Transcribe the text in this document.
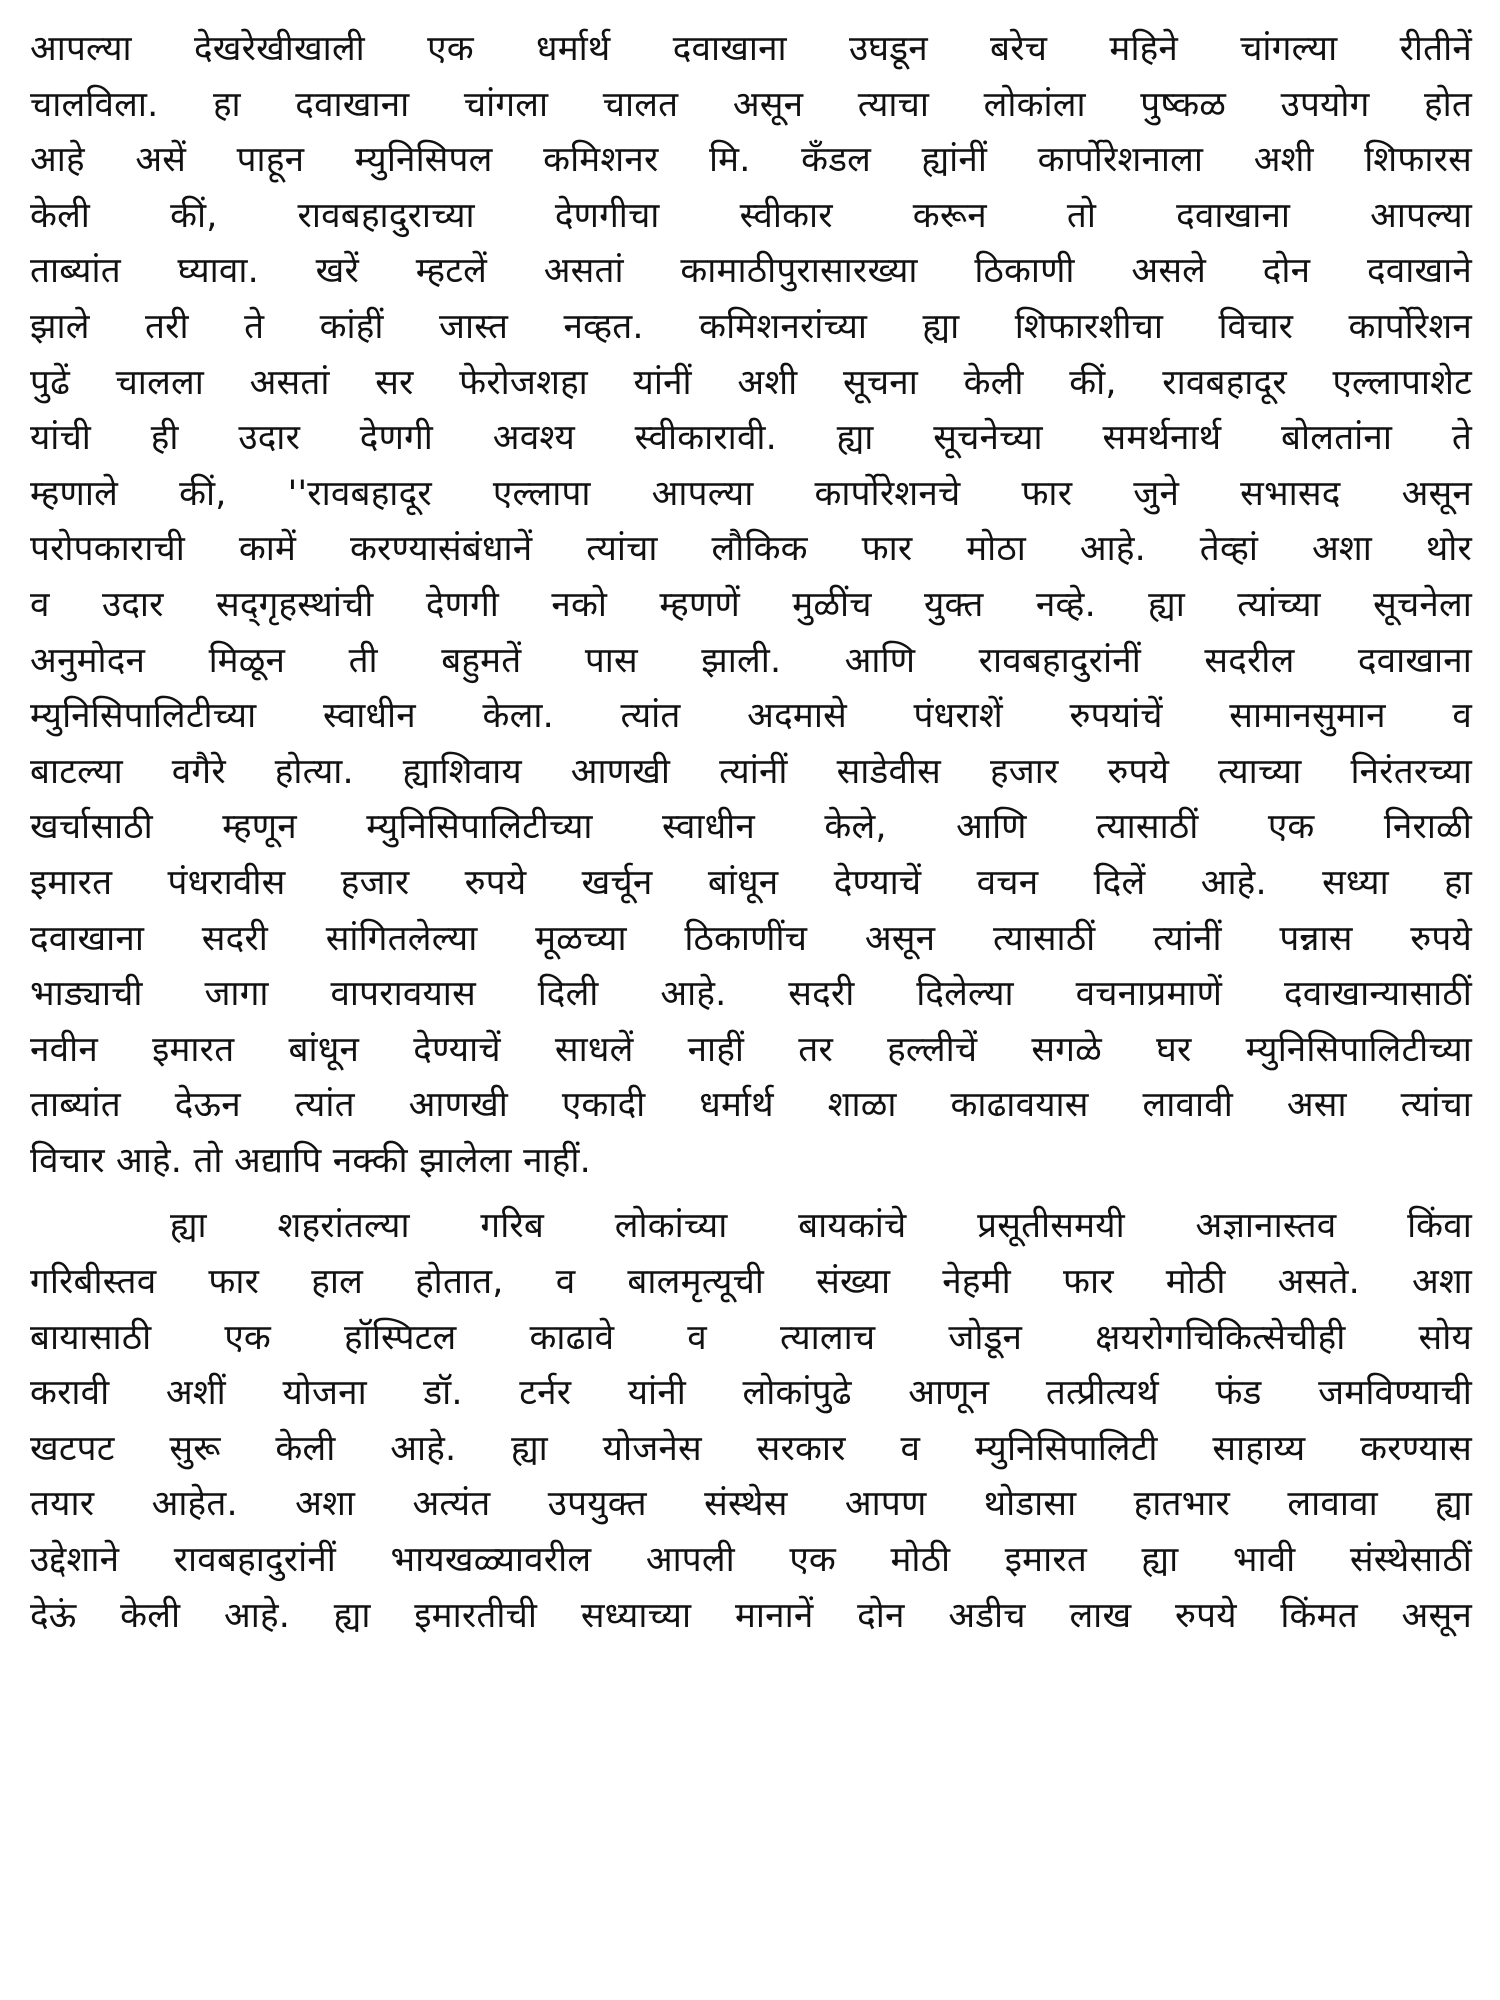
आपल्या देखरेखीखाली एक धर्मार्थ दवाखाना उघडून बरेच महिने चांगल्या रीतीनें
चालविला. हा दवाखाना चांगला चालत असून त्याचा लोकांला पुष्कळ उपयोग होत
आहे असें पाहून म्युनिसिपल कमिशनर मि. कॅंडल ह्यांनीं कार्पोरेशनाला अशी शिफारस
केली कीं, रावबहादुराच्या देणगीचा स्वीकार करून तो दवाखाना आपल्या
ताब्यांत घ्यावा. खरें म्हटलें असतां कामाठीपुरासारख्या ठिकाणी असले दोन दवाखाने
झाले तरी ते कांहीं जास्त नव्हत. कमिशनरांच्या ह्या शिफारशीचा विचार कार्पोरेशन
पुढें चालला असतां सर फेरोजशहा यांनीं अशी सूचना केली कीं, रावबहादूर एल्लापाशेट
यांची ही उदार देणगी अवश्य स्वीकारावी. ह्या सूचनेच्या समर्थनार्थ बोलतांना ते
म्हणाले कीं, ''रावबहादूर एल्लापा आपल्या कार्पोरेशनचे फार जुने सभासद असून
परोपकाराची कामें करण्यासंबंधानें त्यांचा लौकिक फार मोठा आहे. तेव्हां अशा थोर
व उदार सद्‌गृहस्थांची देणगी नको म्हणणें मुळींच युक्त नव्हे. ह्या त्यांच्या सूचनेला
अनुमोदन मिळून ती बहुमतें पास झाली. आणि रावबहादुरांनीं सदरील दवाखाना
म्युनिसिपालिटीच्या स्वाधीन केला. त्यांत अदमासे पंधराशें रुपयांचें सामानसुमान व
बाटल्या वगैरे होत्या. ह्याशिवाय आणखी त्यांनीं साडेवीस हजार रुपये त्याच्या निरंतरच्या
खर्चासाठी म्हणून म्युनिसिपालिटीच्या स्वाधीन केले, आणि त्यासाठीं एक निराळी
इमारत पंधरावीस हजार रुपये खर्चून बांधून देण्याचें वचन दिलें आहे. सध्या हा
दवाखाना सदरी सांगितलेल्या मूळच्या ठिकाणींच असून त्यासाठीं त्यांनीं पन्नास रुपये
भाड्याची जागा वापरावयास दिली आहे. सदरी दिलेल्या वचनाप्रमाणें दवाखान्यासाठीं
नवीन इमारत बांधून देण्याचें साधलें नाहीं तर हल्लीचें सगळे घर म्युनिसिपालिटीच्या
ताब्यांत देऊन त्यांत आणखी एकादी धर्मार्थ शाळा काढावयास लावावी असा त्यांचा
विचार आहे. तो अद्यापि नक्की झालेला नाहीं.
ह्या शहरांतल्या गरिब लोकांच्या बायकांचे प्रसूतीसमयी अज्ञानास्तव किंवा
गरिबीस्तव फार हाल होतात, व बालमृत्यूची संख्या नेहमी फार मोठी असते. अशा
बायासाठी एक हॉस्पिटल काढावे व त्यालाच जोडून क्षयरोगचिकित्सेचीही सोय
करावी अशीं योजना डॉ. टर्नर यांनी लोकांपुढे आणून तत्प्रीत्यर्थ फंड जमविण्याची
खटपट सुरू केली आहे. ह्या योजनेस सरकार व म्युनिसिपालिटी साहाय्य करण्यास
तयार आहेत. अशा अत्यंत उपयुक्त संस्थेस आपण थोडासा हातभार लावावा ह्या
उद्देशाने रावबहादुरांनीं भायखळ्यावरील आपली एक मोठी इमारत ह्या भावी संस्थेसाठीं
देऊं केली आहे. ह्या इमारतीची सध्याच्या मानानें दोन अडीच लाख रुपये किंमत असून
